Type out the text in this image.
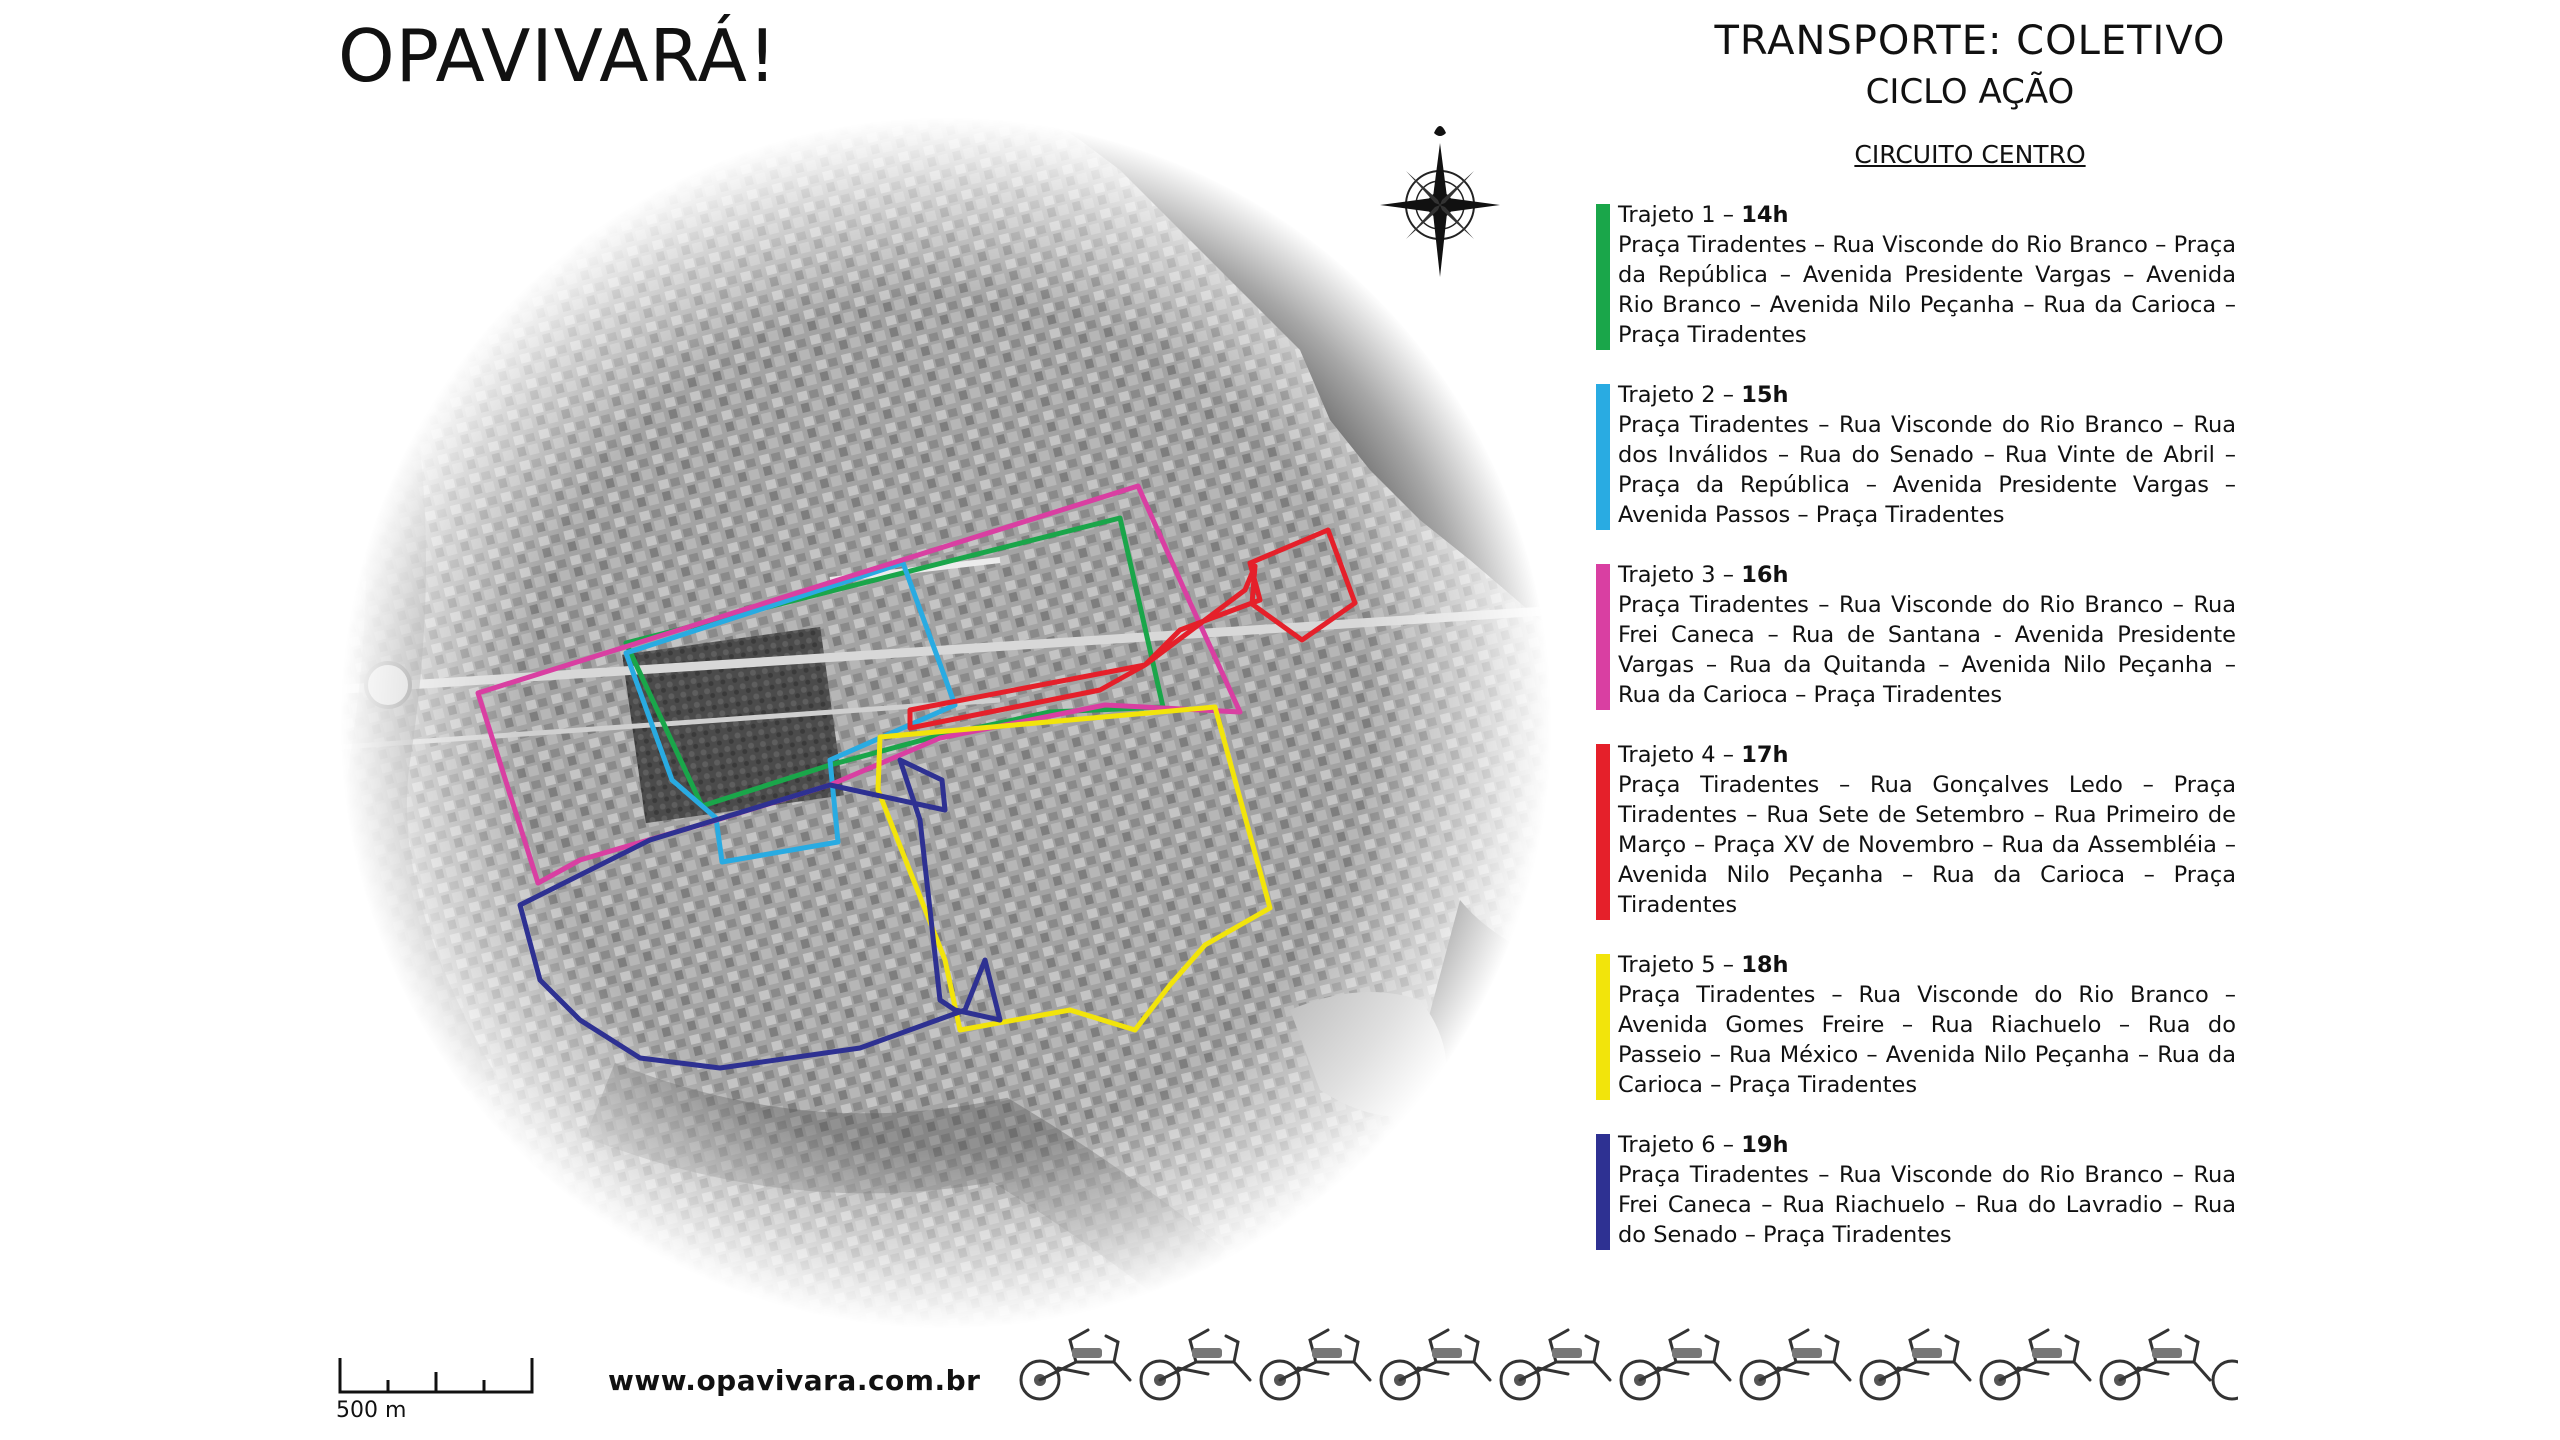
OPAVIVARÁ!	TRANSPORTE: COLETIVO
CICLO AÇÃO
CIRCUITO CENTRO
Trajeto 1 – 14h
Praça Tiradentes – Rua Visconde do Rio Branco – Praça da República – Avenida Presidente Vargas – Avenida Rio Branco – Avenida Nilo Peçanha – Rua da Carioca – Praça Tiradentes
Trajeto 2 – 15h
Praça Tiradentes – Rua Visconde do Rio Branco – Rua dos Inválidos – Rua do Senado – Rua Vinte de Abril – Praça da República – Avenida Presidente Vargas – Avenida Passos – Praça Tiradentes
Trajeto 3 – 16h
Praça Tiradentes – Rua Visconde do Rio Branco – Rua Frei Caneca – Rua de Santana - Avenida Presidente Vargas – Rua da Quitanda – Avenida Nilo Peçanha – Rua da Carioca – Praça Tiradentes
Trajeto 4 – 17h
Praça Tiradentes – Rua Gonçalves Ledo – Praça Tiradentes – Rua Sete de Setembro – Rua Primeiro de Março – Praça XV de Novembro – Rua da Assembléia – Avenida Nilo Peçanha – Rua da Carioca – Praça Tiradentes
Trajeto 5 – 18h
Praça Tiradentes – Rua Visconde do Rio Branco – Avenida Gomes Freire – Rua Riachuelo – Rua do Passeio – Rua México – Avenida Nilo Peçanha – Rua da Carioca – Praça Tiradentes
Trajeto 6 – 19h
Praça Tiradentes – Rua Visconde do Rio Branco – Rua Frei Caneca – Rua Riachuelo – Rua do Lavradio – Rua do Senado – Praça Tiradentes
500 m
www.opavivara.com.br
